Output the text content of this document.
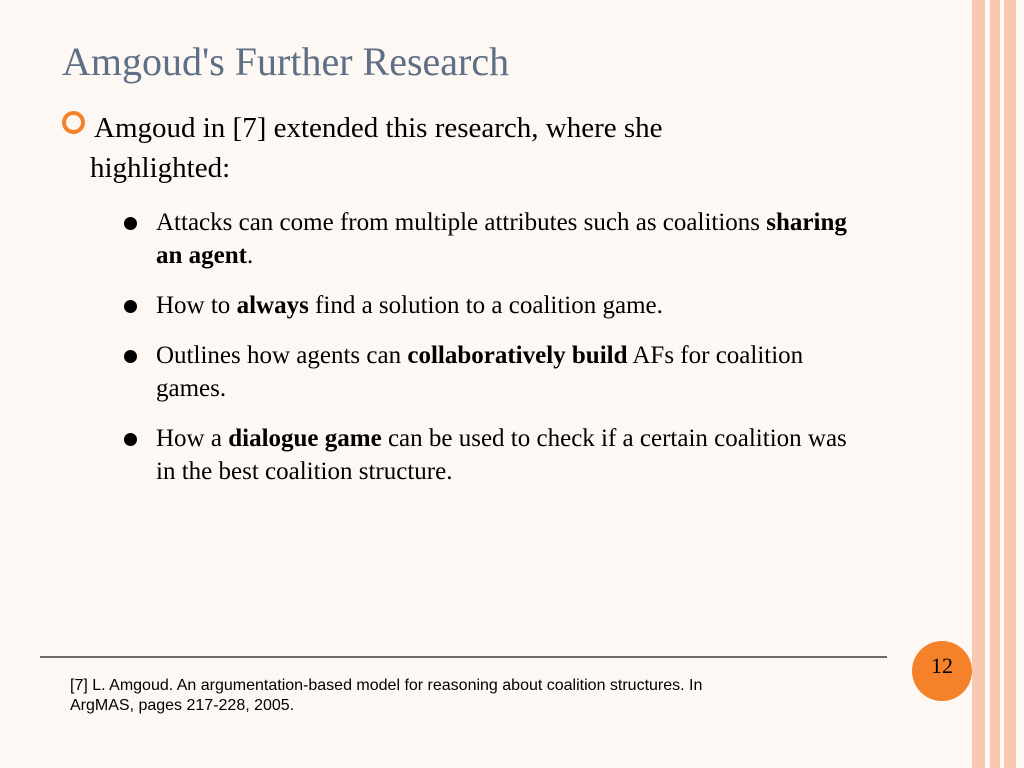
Amgoud's Further Research
Amgoud in [7] extended this research, where she
highlighted:
Attacks can come from multiple attributes such as coalitions sharing an agent.
How to always find a solution to a coalition game.
Outlines how agents can collaboratively build AFs for coalition games.
How a dialogue game can be used to check if a certain coalition was in the best coalition structure.
12
[7] L. Amgoud. An argumentation-based model for reasoning about coalition structures. In ArgMAS, pages 217-228, 2005.
